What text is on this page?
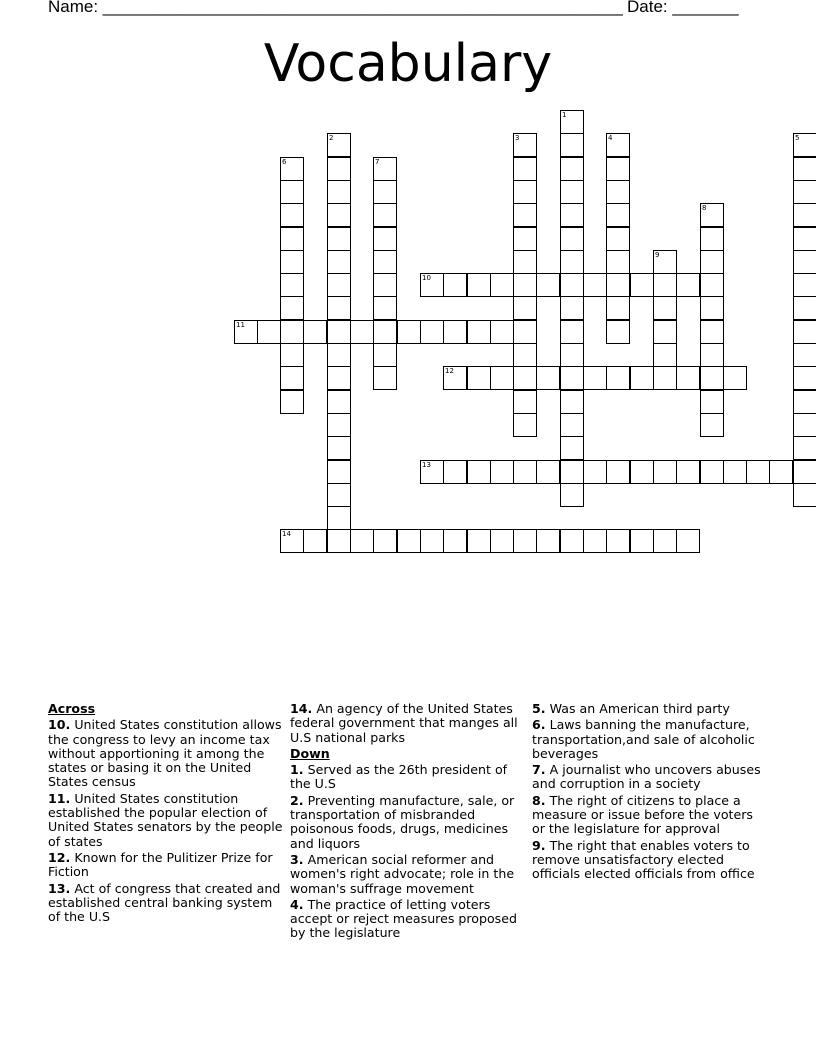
Name: _______________________________________________________ Date: _______
Vocabulary
1
2	3	4	5
6	7
8
9
10
11
12
13
14
Across
10. United States constitution allows the congress to levy an income tax without apportioning it among the states or basing it on the United States census
11. United States constitution established the popular election of United States senators by the people of states
12. Known for the Pulitizer Prize for Fiction
13. Act of congress that created and established central banking system of the U.S
14. An agency of the United States federal government that manges all U.S national parks
Down
1. Served as the 26th president of the U.S
2. Preventing manufacture, sale, or transportation of misbranded poisonous foods, drugs, medicines and liquors
3. American social reformer and women's right advocate; role in the woman's suffrage movement
4. The practice of letting voters accept or reject measures proposed by the legislature
5. Was an American third party
6. Laws banning the manufacture, transportation,and sale of alcoholic beverages
7. A journalist who uncovers abuses and corruption in a society
8. The right of citizens to place a measure or issue before the voters or the legislature for approval
9. The right that enables voters to remove unsatisfactory elected officials elected officials from office
